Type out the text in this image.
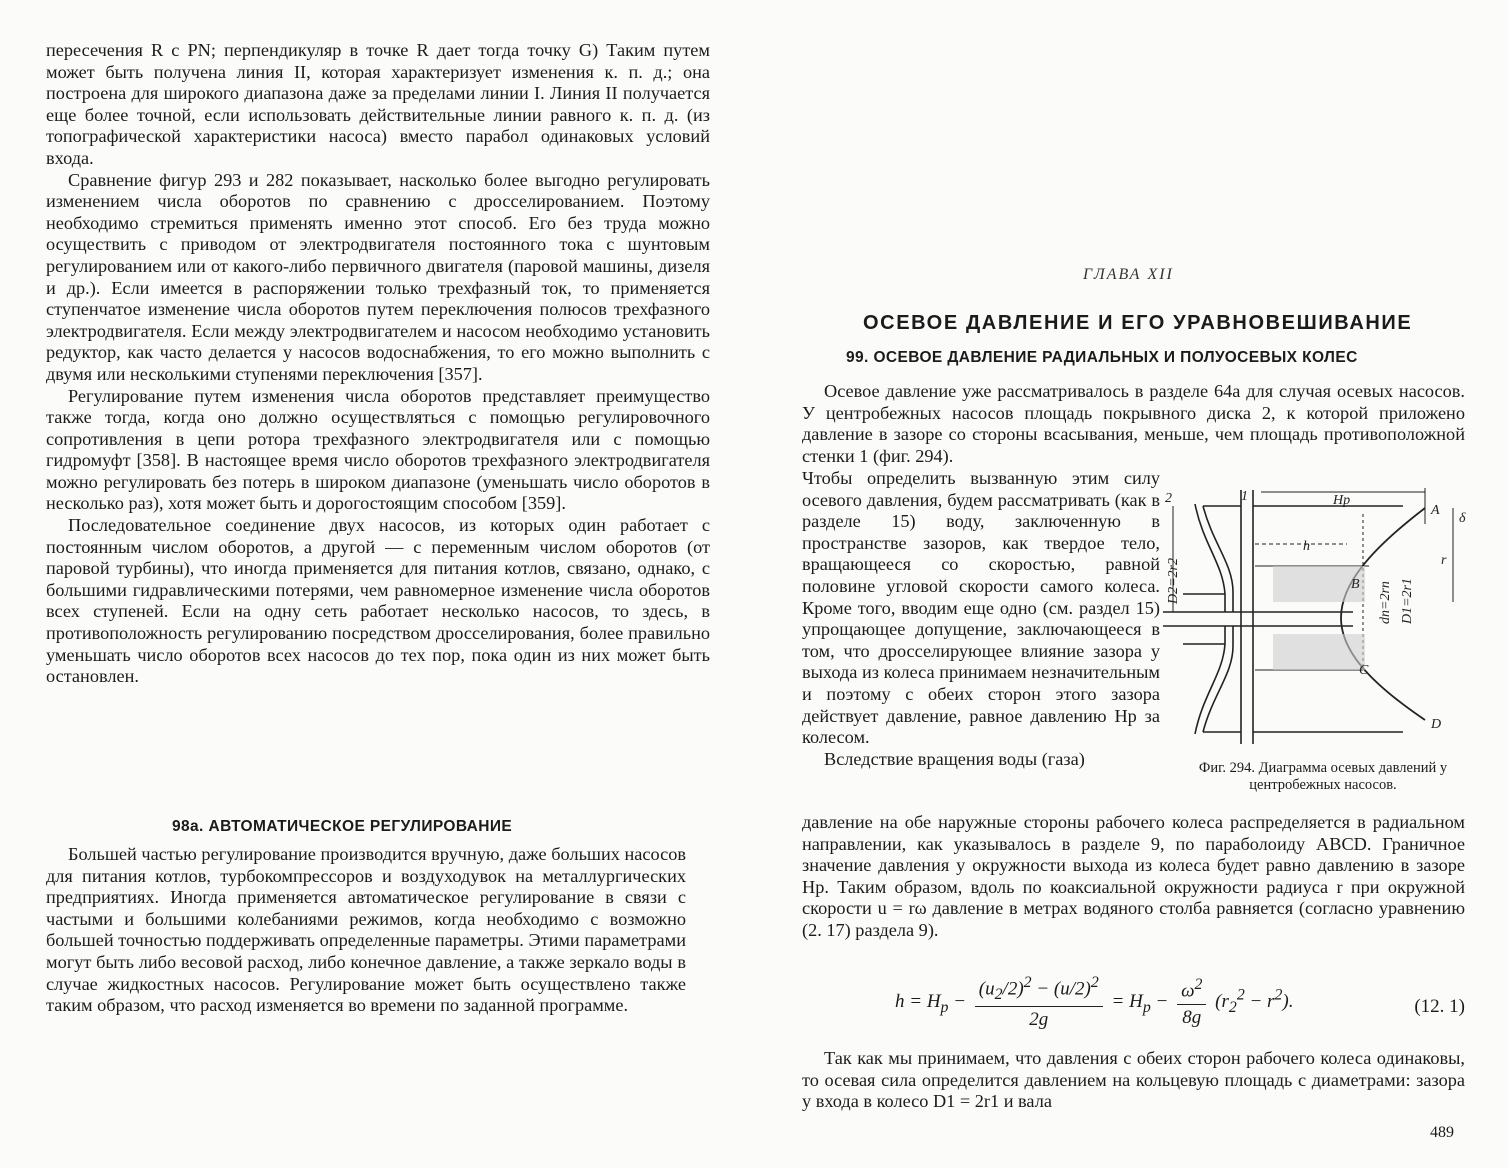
пересечения R с PN; перпендикуляр в точке R дает тогда точку G) Таким путем может быть получена линия II, которая характеризует изменения к. п. д.; она построена для широкого диапазона даже за пределами линии I. Линия II получается еще более точной, если использовать действительные линии равного к. п. д. (из топографической характеристики насоса) вместо парабол одинаковых условий входа.

Сравнение фигур 293 и 282 показывает, насколько более выгодно регулировать изменением числа оборотов по сравнению с дросселированием. Поэтому необходимо стремиться применять именно этот способ. Его без труда можно осуществить с приводом от электродвигателя постоянного тока с шунтовым регулированием или от какого-либо первичного двигателя (паровой машины, дизеля и др.). Если имеется в распоряжении только трехфазный ток, то применяется ступенчатое изменение числа оборотов путем переключения полюсов трехфазного электродвигателя. Если между электродвигателем и насосом необходимо установить редуктор, как часто делается у насосов водоснабжения, то его можно выполнить с двумя или несколькими ступенями переключения [357].

Регулирование путем изменения числа оборотов представляет преимущество также тогда, когда оно должно осуществляться с помощью регулировочного сопротивления в цепи ротора трехфазного электродвигателя или с помощью гидромуфт [358]. В настоящее время число оборотов трехфазного электродвигателя можно регулировать без потерь в широком диапазоне (уменьшать число оборотов в несколько раз), хотя может быть и дорогостоящим способом [359].

Последовательное соединение двух насосов, из которых один работает с постоянным числом оборотов, а другой — с переменным числом оборотов (от паровой турбины), что иногда применяется для питания котлов, связано, однако, с большими гидравлическими потерями, чем равномерное изменение числа оборотов всех ступеней. Если на одну сеть работает несколько насосов, то здесь, в противоположность регулированию посредством дросселирования, более правильно уменьшать число оборотов всех насосов до тех пор, пока один из них может быть остановлен.

98а. АВТОМАТИЧЕСКОЕ РЕГУЛИРОВАНИЕ

Большей частью регулирование производится вручную, даже больших насосов для питания котлов, турбокомпрессоров и воздуходувок на металлургических предприятиях. Иногда применяется автоматическое регулирование в связи с частыми и большими колебаниями режимов, когда необходимо с возможно большей точностью поддерживать определенные параметры. Этими параметрами могут быть либо весовой расход, либо конечное давление, а также зеркало воды в случае жидкостных насосов. Регулирование может быть осуществлено также таким образом, что расход изменяется во времени по заданной программе.

ГЛАВА XII
ОСЕВОЕ ДАВЛЕНИЕ И ЕГО УРАВНОВЕШИВАНИЕ
99. ОСЕВОЕ ДАВЛЕНИЕ РАДИАЛЬНЫХ И ПОЛУОСЕВЫХ КОЛЕС

Осевое давление уже рассматривалось в разделе 64а для случая осевых насосов. У центробежных насосов площадь покрывного диска 2, к которой приложено давление в зазоре со стороны всасывания, меньше, чем площадь противоположной стенки 1 (фиг. 294).

Чтобы определить вызванную этим силу осевого давления, будем рассматривать (как в разделе 15) воду, заключенную в пространстве зазоров, как твердое тело, вращающееся со скоростью, равной половине угловой скорости самого колеса. Кроме того, вводим еще одно (см. раздел 15) упрощающее допущение, заключающееся в том, что дросселирующее влияние зазора у выхода из колеса принимаем незначительным и поэтому с обеих сторон этого зазора действует давление, равное давлению Hp за колесом.
Вследствие вращения воды (газа)
2	1	Hp
A
B
C
D
h
r
δ
D2=2r2	dn=2rn D1=2r1
Фиг. 294. Диаграмма осевых давлений у центробежных насосов.

давление на обе наружные стороны рабочего колеса распределяется в радиальном направлении, как указывалось в разделе 9, по параболоиду ABCD. Граничное значение давления у окружности выхода из колеса будет равно давлению в зазоре Hp. Таким образом, вдоль по коаксиальной окружности радиуса r при окружной скорости u = rω давление в метрах водяного столба равняется (согласно уравнению (2. 17) раздела 9).

$h = H_p - \frac{(u_2/2)^2 - (u/2)^2}{2g} = H_p - \frac{\omega^2}{8g} (r_2^2 - r^2)$.	(12. 1)

Так как мы принимаем, что давления с обеих сторон рабочего колеса одинаковы, то осевая сила определится давлением на кольцевую площадь с диаметрами: зазора у входа в колесо D1 = 2r1 и вала

489
